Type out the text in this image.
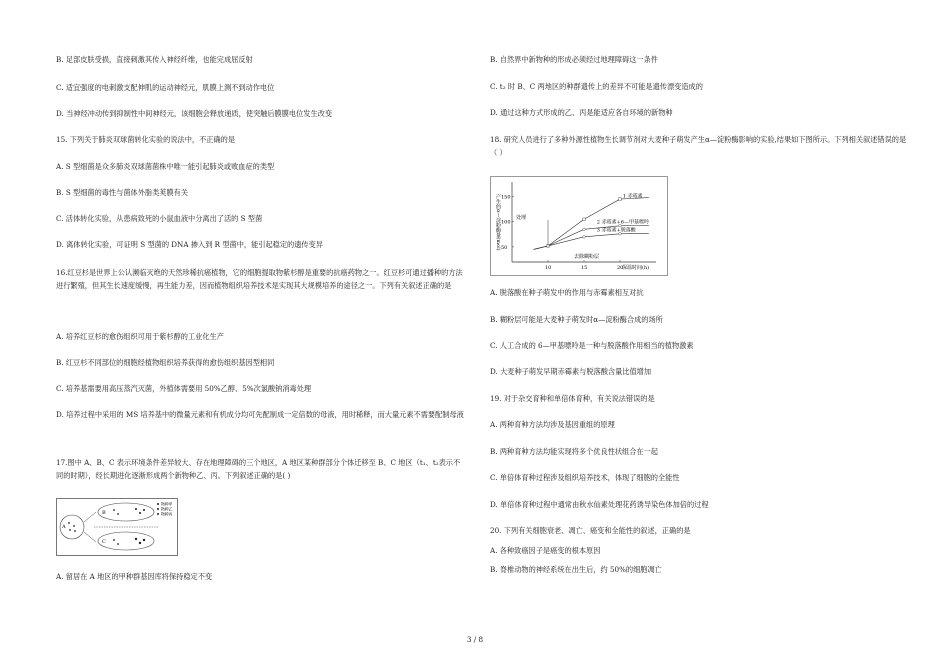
B. 足部皮肤受损，直接刺激其传入神经纤维，也能完成屈反射
C. 适宜强度的电刺激支配伸肌的运动神经元，肌膜上测不到动作电位
D. 当神经冲动传到抑制性中间神经元，该细胞会释放递质，使突触后膜膜电位发生改变
15. 下列关于肺炎双球菌转化实验的说法中，不正确的是
A. S 型细菌是众多肺炎双球菌菌株中唯一能引起肺炎或败血症的类型
B. S 型细菌的毒性与菌体外脂类荚膜有关
C. 活体转化实验，从患病致死的小鼠血液中分离出了活的 S 型菌
D. 离体转化实验，可证明 S 型菌的 DNA 掺入到 R 型菌中，能引起稳定的遗传变异
16.红豆杉是世界上公认濒临灭绝的天然珍稀抗癌植物，它的细胞提取物紫杉醇是重要的抗癌药物之一。红豆杉可通过播种的方法进行繁殖，但其生长速度缓慢，再生能力差，因而植物组织培养技术是实现其大规模培养的途径之一。下列有关叙述正确的是
A. 培养红豆杉的愈伤组织可用于紫杉醇的工业化生产
B. 红豆杉不同部位的细胞经植物组织培养获得的愈伤组织基因型相同
C. 培养基需要用高压蒸汽灭菌，外植体需要用 50%乙醇、5%次氯酸钠消毒处理
D. 培养过程中采用的 MS 培养基中的微量元素和有机成分均可先配制成一定倍数的母液，用时稀释，而大量元素不需要配制母液
17.图中 A、B、C 表示环境条件差异较大、存在地理障碍的三个地区，A 地区某种群部分个体迁移至 B、C 地区（t₁、t₂表示不同的时期），经长期进化逐渐形成两个新物种乙、丙。下列叙述正确的是( )
A
B
C
物种甲
物种乙
物种丙
A. 留居在 A 地区的甲种群基因库将保持稳定不变
B. 自然界中新物种的形成必须经过地理障碍这一条件
C. t₂ 时 B、C 两地区的种群遗传上的差异不可能是遗传漂变造成的
D. 通过这种方式形成的乙、丙是能适应各自环境的新物种
18. 研究人员进行了多种外源性植物生长调节剂对大麦种子萌发产生α—淀粉酶影响的实验,结果如下图所示。下列相关叙述错误的是（ ）
产生的α—淀粉酶量(mol)	1 赤霉素
2 赤霉素+6—甲基嘌呤
3 赤霉素+脱落酸
10	15	20
50
100
150
保温时间(h)
处理
去除糊粉层
A. 脱落酸在种子萌发中的作用与赤霉素相互对抗
B. 糊粉层可能是大麦种子萌发时α—淀粉酶合成的场所
C. 人工合成的 6—甲基嘌呤是一种与脱落酸作用相当的植物激素
D. 大麦种子萌发早期赤霉素与脱落酸含量比值增加
19. 对于杂交育种和单倍体育种，有关说法错误的是
A. 两种育种方法均涉及基因重组的原理
B. 两种育种方法均能实现将多个优良性状组合在一起
C. 单倍体育种过程涉及组织培养技术，体现了细胞的全能性
D. 单倍体育种过程中通常由秋水仙素处理花药诱导染色体加倍的过程
20. 下列有关细胞衰老、凋亡、癌变和全能性的叙述，正确的是
A. 各种致癌因子是癌变的根本原因
B. 脊椎动物的神经系统在出生后，约 50%的细胞凋亡
3 / 8
